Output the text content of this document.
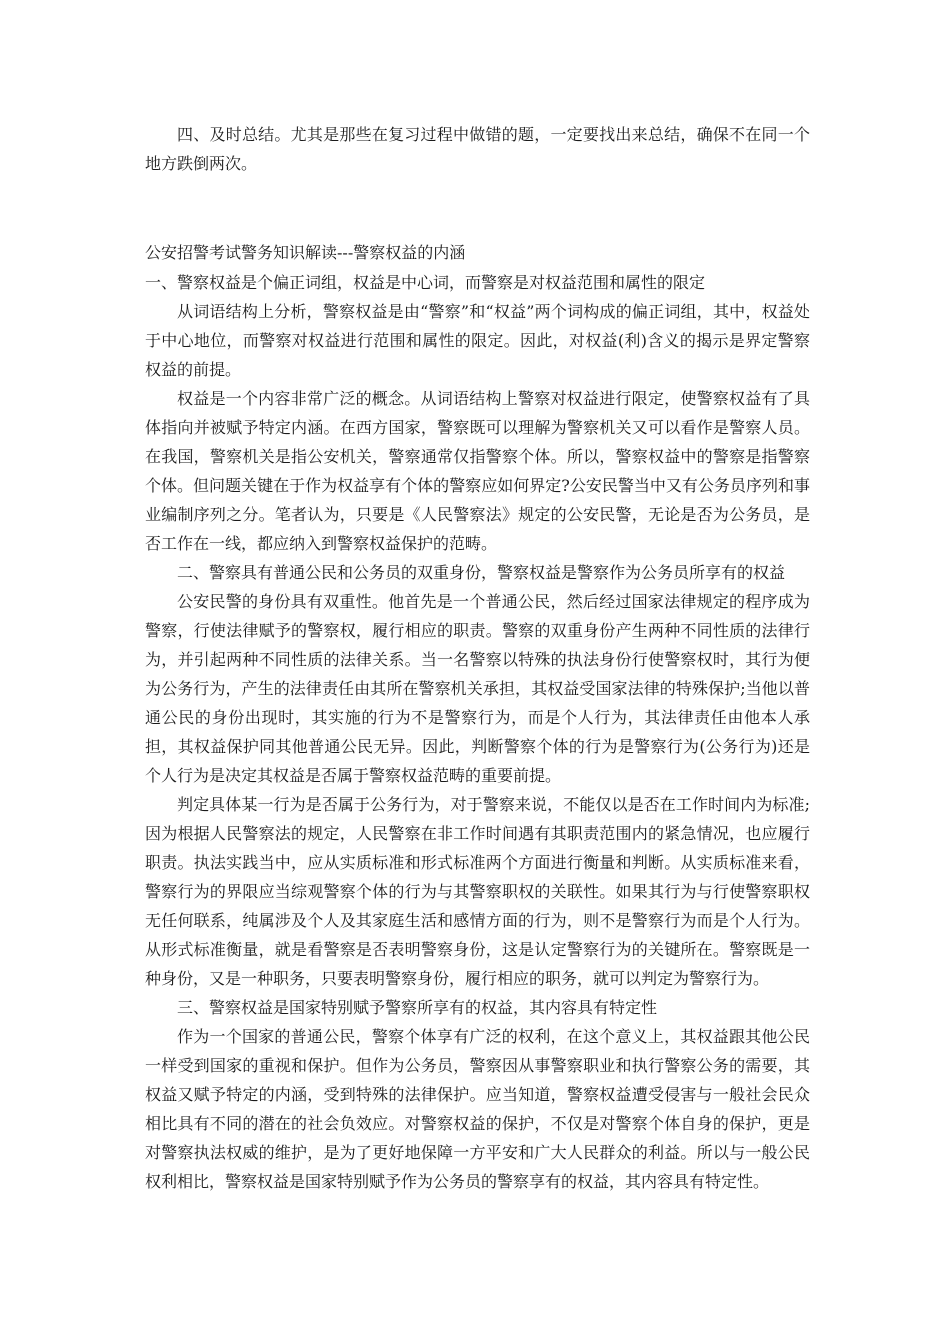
四、及时总结。尤其是那些在复习过程中做错的题，一定要找出来总结，确保不在同一个地方跌倒两次。

公安招警考试警务知识解读---警察权益的内涵

一、警察权益是个偏正词组，权益是中心词，而警察是对权益范围和属性的限定

从词语结构上分析，警察权益是由“警察”和“权益”两个词构成的偏正词组，其中，权益处于中心地位，而警察对权益进行范围和属性的限定。因此，对权益(利)含义的揭示是界定警察权益的前提。

权益是一个内容非常广泛的概念。从词语结构上警察对权益进行限定，使警察权益有了具体指向并被赋予特定内涵。在西方国家，警察既可以理解为警察机关又可以看作是警察人员。在我国，警察机关是指公安机关，警察通常仅指警察个体。所以，警察权益中的警察是指警察个体。但问题关键在于作为权益享有个体的警察应如何界定?公安民警当中又有公务员序列和事业编制序列之分。笔者认为，只要是《人民警察法》规定的公安民警，无论是否为公务员，是否工作在一线，都应纳入到警察权益保护的范畴。

二、警察具有普通公民和公务员的双重身份，警察权益是警察作为公务员所享有的权益

公安民警的身份具有双重性。他首先是一个普通公民，然后经过国家法律规定的程序成为警察，行使法律赋予的警察权，履行相应的职责。警察的双重身份产生两种不同性质的法律行为，并引起两种不同性质的法律关系。当一名警察以特殊的执法身份行使警察权时，其行为便为公务行为，产生的法律责任由其所在警察机关承担，其权益受国家法律的特殊保护;当他以普通公民的身份出现时，其实施的行为不是警察行为，而是个人行为，其法律责任由他本人承担，其权益保护同其他普通公民无异。因此，判断警察个体的行为是警察行为(公务行为)还是个人行为是决定其权益是否属于警察权益范畴的重要前提。

判定具体某一行为是否属于公务行为，对于警察来说，不能仅以是否在工作时间内为标准;因为根据人民警察法的规定，人民警察在非工作时间遇有其职责范围内的紧急情况，也应履行职责。执法实践当中，应从实质标准和形式标准两个方面进行衡量和判断。从实质标准来看，警察行为的界限应当综观警察个体的行为与其警察职权的关联性。如果其行为与行使警察职权无任何联系，纯属涉及个人及其家庭生活和感情方面的行为，则不是警察行为而是个人行为。从形式标准衡量，就是看警察是否表明警察身份，这是认定警察行为的关键所在。警察既是一种身份，又是一种职务，只要表明警察身份，履行相应的职务，就可以判定为警察行为。

三、警察权益是国家特别赋予警察所享有的权益，其内容具有特定性

作为一个国家的普通公民，警察个体享有广泛的权利，在这个意义上，其权益跟其他公民一样受到国家的重视和保护。但作为公务员，警察因从事警察职业和执行警察公务的需要，其权益又赋予特定的内涵，受到特殊的法律保护。应当知道，警察权益遭受侵害与一般社会民众相比具有不同的潜在的社会负效应。对警察权益的保护，不仅是对警察个体自身的保护，更是对警察执法权威的维护，是为了更好地保障一方平安和广大人民群众的利益。所以与一般公民权利相比，警察权益是国家特别赋予作为公务员的警察享有的权益，其内容具有特定性。
